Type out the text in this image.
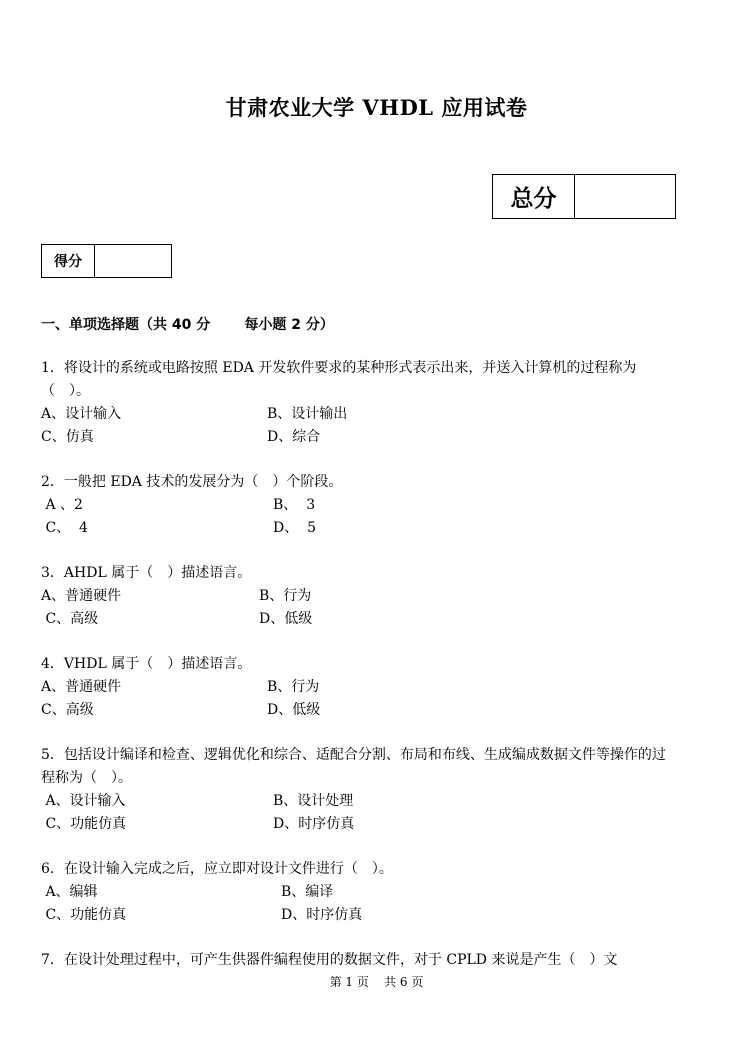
甘肃农业大学 VHDL 应用试卷
总分
得分
一、单项选择题（共 40 分       每小题 2 分）
1．将设计的系统或电路按照 EDA 开发软件要求的某种形式表示出来，并送入计算机的过程称为（　）。
A、设计输入	B、设计输出
C、仿真	D、综合
2．一般把 EDA 技术的发展分为（　）个阶段。
A 、2	B、  3
C、  4	D、  5
3．AHDL 属于（　）描述语言。
A、普通硬件	B、行为
C、高级	D、低级
4．VHDL 属于（　）描述语言。
A、普通硬件	B、行为
C、高级	D、低级
5．包括设计编译和检查、逻辑优化和综合、适配合分割、布局和布线、生成编成数据文件等操作的过程称为（　）。
A、设计输入	B、设计处理
C、功能仿真	D、时序仿真
6．在设计输入完成之后，应立即对设计文件进行（　）。
A、编辑	B、编译
C、功能仿真	D、时序仿真
7．在设计处理过程中，可产生供器件编程使用的数据文件，对于 CPLD 来说是产生（　）文
第 1 页    共 6 页
